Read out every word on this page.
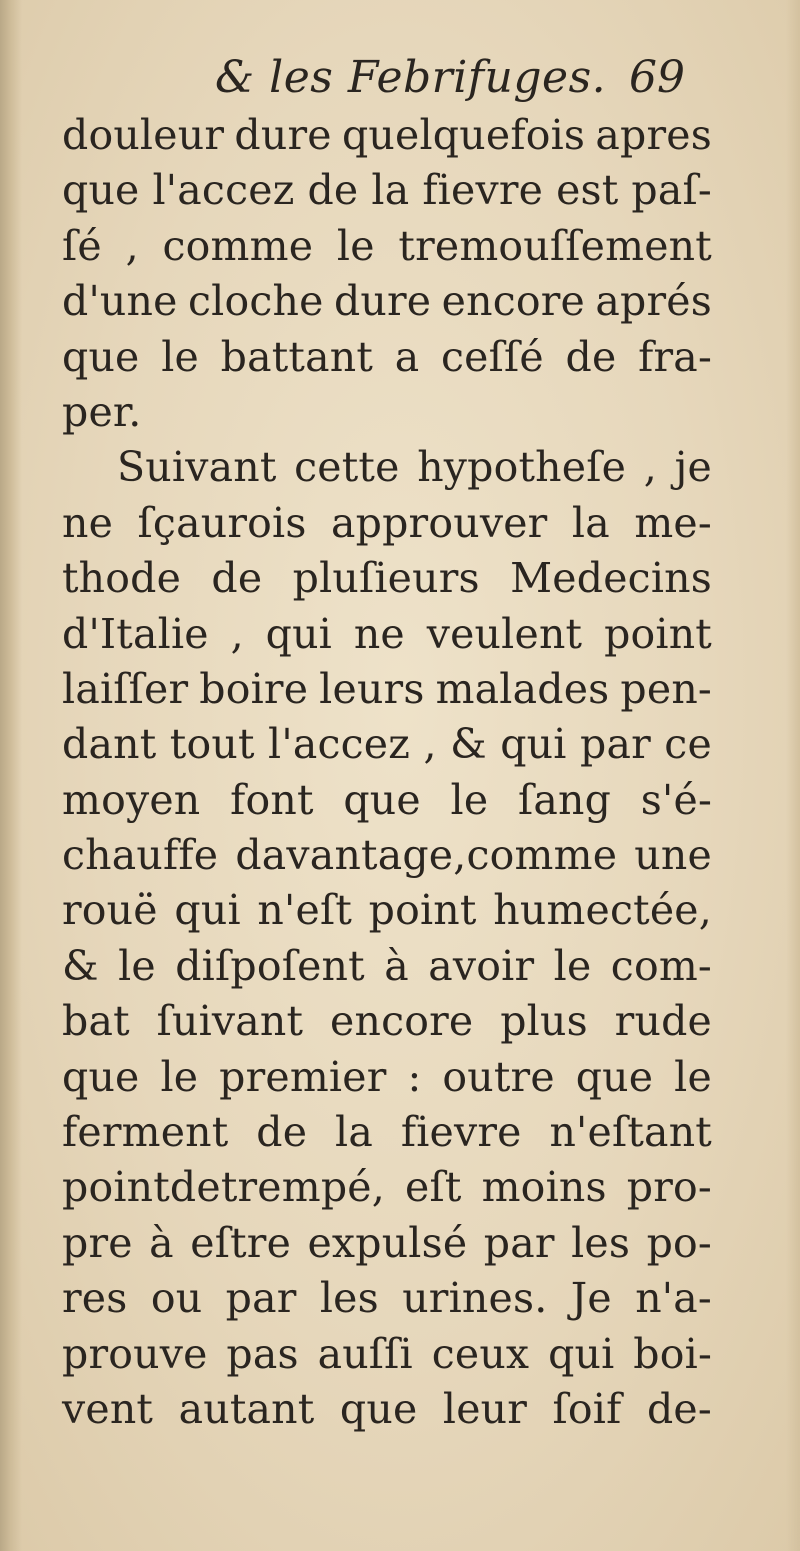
& les Febrifuges. 69
douleur dure quelquefois apres
que l'accez de la fievre est paſ-
ſé , comme le tremouſſement
d'une cloche dure encore aprés
que le battant a ceſſé de fra-
per.
Suivant cette hypotheſe , je
ne ſçaurois approuver la me-
thode de pluſieurs Medecins
d'Italie , qui ne veulent point
laiſſer boire leurs malades pen-
dant tout l'accez , & qui par ce
moyen font que le ſang s'é-
chauffe davantage,comme une
rouë qui n'eſt point humectée,
& le diſpoſent à avoir le com-
bat ſuivant encore plus rude
que le premier : outre que le
ferment de la fievre n'eſtant
pointdetrempé, eſt moins pro-
pre à eſtre expulsé par les po-
res ou par les urines. Je n'a-
prouve pas auſſi ceux qui boi-
vent autant que leur ſoif de-
